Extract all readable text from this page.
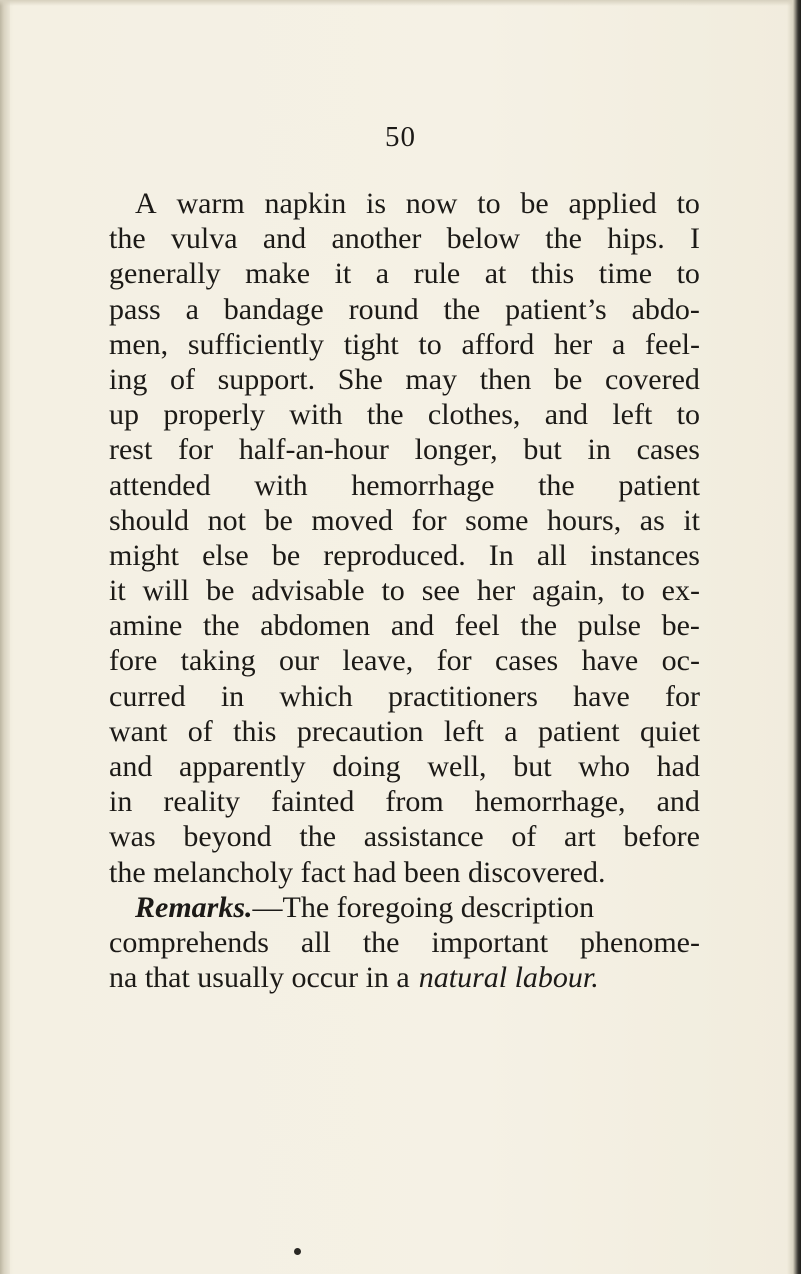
50
A warm napkin is now to be applied to
the vulva and another below the hips. I
generally make it a rule at this time to
pass a bandage round the patient’s abdo-
men, sufficiently tight to afford her a feel-
ing of support. She may then be covered
up properly with the clothes, and left to
rest for half-an-hour longer, but in cases
attended with hemorrhage the patient
should not be moved for some hours, as it
might else be reproduced. In all instances
it will be advisable to see her again, to ex-
amine the abdomen and feel the pulse be-
fore taking our leave, for cases have oc-
curred in which practitioners have for
want of this precaution left a patient quiet
and apparently doing well, but who had
in reality fainted from hemorrhage, and
was beyond the assistance of art before
the melancholy fact had been discovered.
Remarks. —The foregoing description
comprehends all the important phenome-
na that usually occur in a natural labour.
